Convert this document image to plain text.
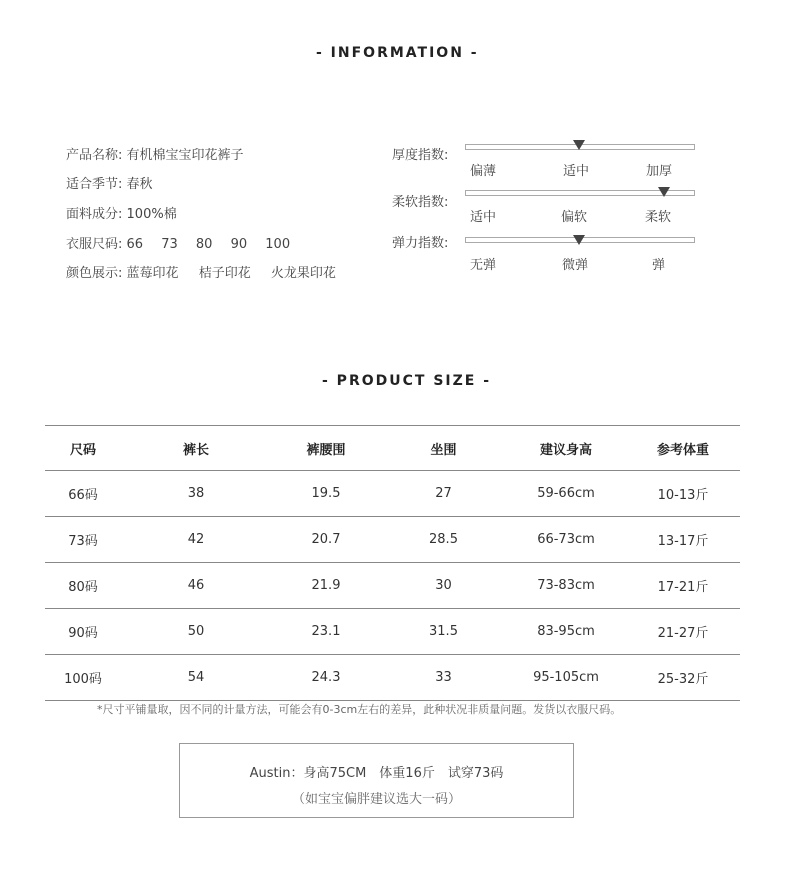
- INFORMATION -
产品名称: 有机棉宝宝印花裤子
适合季节: 春秋
面料成分: 100%棉
衣服尺码: 66 73 80 90 100
颜色展示: 蓝莓印花 桔子印花 火龙果印花
厚度指数:
偏薄	适中	加厚
柔软指数:
适中	偏软	柔软
弹力指数:
无弹	微弹	弹
- PRODUCT SIZE -
尺码	裤长	裤腰围	坐围	建议身高	参考体重
66码	38	19.5	27	59-66cm	10-13斤
73码	42	20.7	28.5	66-73cm	13-17斤
80码	46	21.9	30	73-83cm	17-21斤
90码	50	23.1	31.5	83-95cm	21-27斤
100码	54	24.3	33	95-105cm	25-32斤
*尺寸平铺量取，因不同的计量方法，可能会有0-3cm左右的差异，此种状况非质量问题。发货以衣服尺码。
Austin：身高75CM　体重16斤　试穿73码
（如宝宝偏胖建议选大一码）
